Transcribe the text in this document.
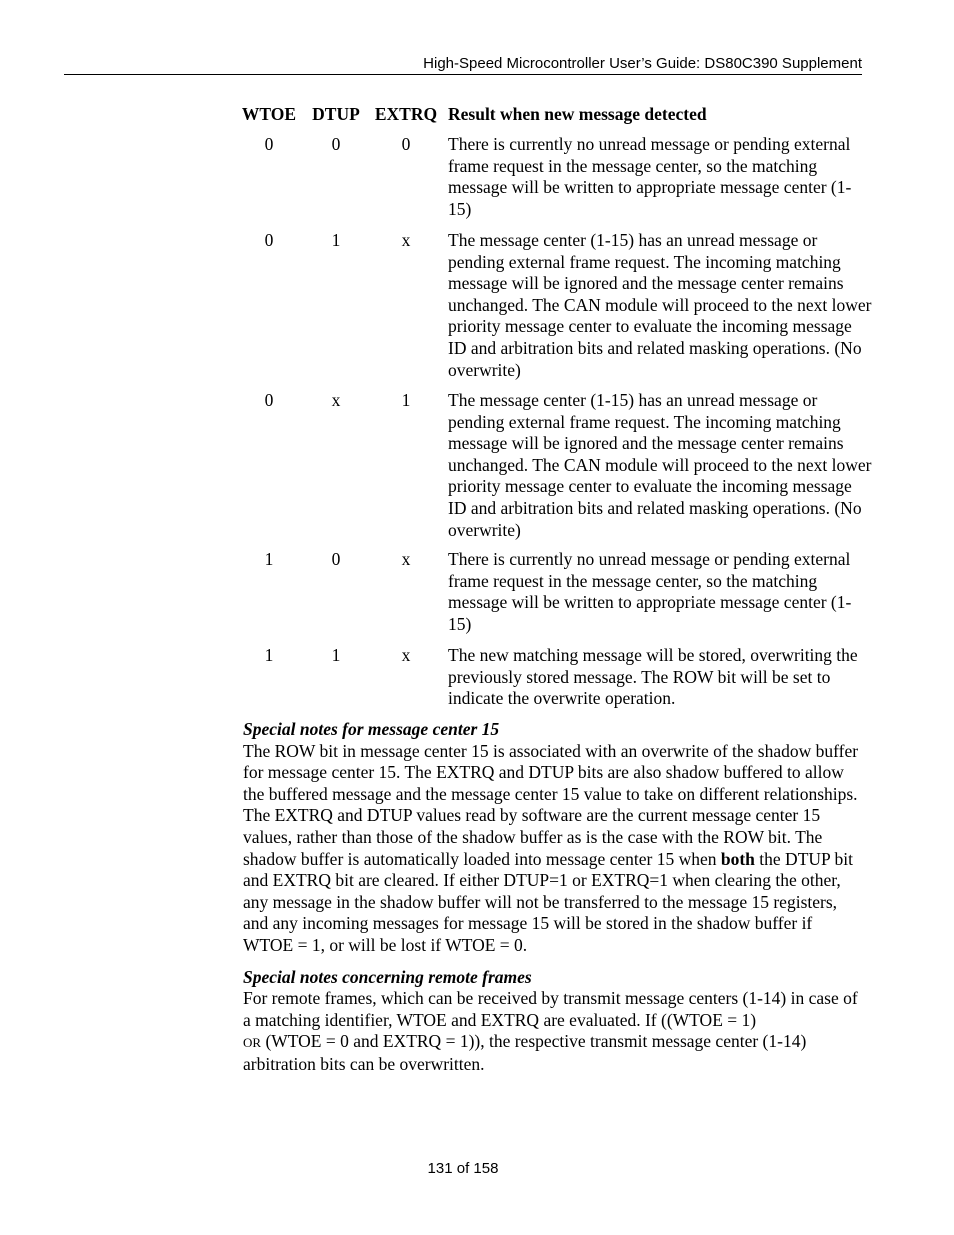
High-Speed Microcontroller User’s Guide: DS80C390 Supplement
WTOE DTUP EXTRQ Result when new message detected
0	0	0	There is currently no unread message or pending external frame request in the message center, so the matching message will be written to appropriate message center (1-15)
0	1	x	The message center (1-15) has an unread message or pending external frame request. The incoming matching message will be ignored and the message center remains unchanged. The CAN module will proceed to the next lower priority message center to evaluate the incoming message ID and arbitration bits and related masking operations. (No overwrite)
0	x	1	The message center (1-15) has an unread message or pending external frame request. The incoming matching message will be ignored and the message center remains unchanged. The CAN module will proceed to the next lower priority message center to evaluate the incoming message ID and arbitration bits and related masking operations. (No overwrite)
1	0	x	There is currently no unread message or pending external frame request in the message center, so the matching message will be written to appropriate message center (1-15)
1	1	x	The new matching message will be stored, overwriting the previously stored message. The ROW bit will be set to indicate the overwrite operation.
Special notes for message center 15

The ROW bit in message center 15 is associated with an overwrite of the shadow buffer for message center 15. The EXTRQ and DTUP bits are also shadow buffered to allow the buffered message and the message center 15 value to take on different relationships. The EXTRQ and DTUP values read by software are the current message center 15 values, rather than those of the shadow buffer as is the case with the ROW bit. The shadow buffer is automatically loaded into message center 15 when both the DTUP bit and EXTRQ bit are cleared. If either DTUP=1 or EXTRQ=1 when clearing the other, any message in the shadow buffer will not be transferred to the message 15 registers, and any incoming messages for message 15 will be stored in the shadow buffer if WTOE = 1, or will be lost if WTOE = 0.

Special notes concerning remote frames

For remote frames, which can be received by transmit message centers (1-14) in case of a matching identifier, WTOE and EXTRQ are evaluated. If ((WTOE = 1)
OR (WTOE = 0 and EXTRQ = 1)), the respective transmit message center (1-14) arbitration bits can be overwritten.

131 of 158
